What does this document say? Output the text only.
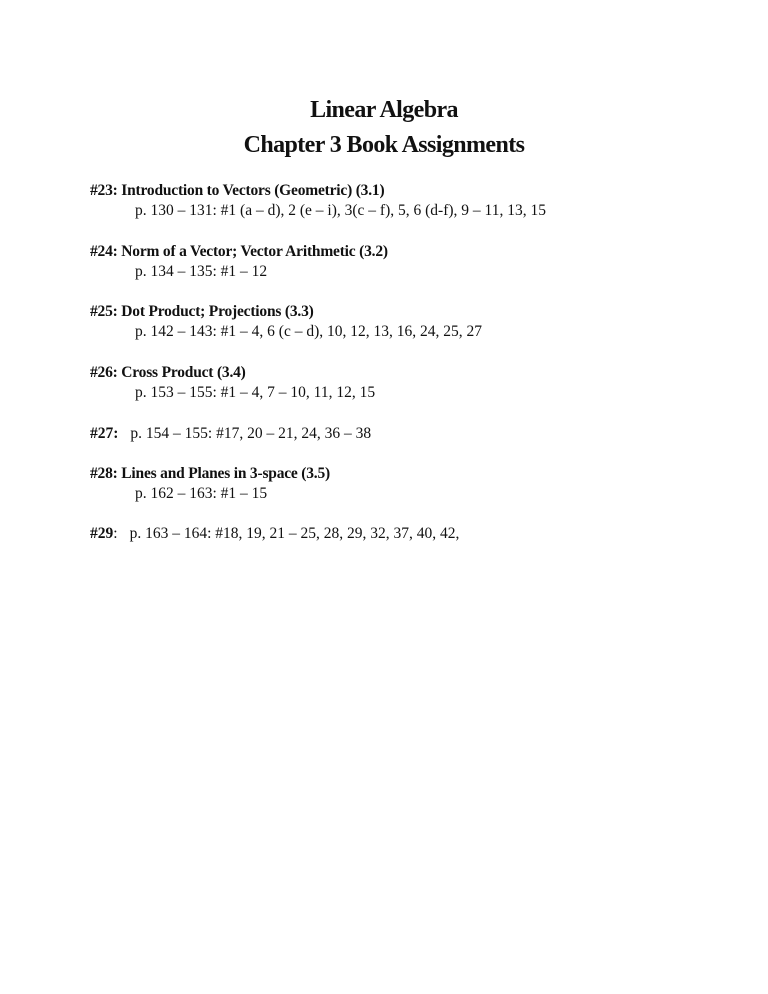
Linear Algebra
Chapter 3 Book Assignments
#23: Introduction to Vectors (Geometric) (3.1)
p. 130 – 131: #1 (a – d), 2 (e – i), 3(c – f), 5, 6 (d-f), 9 – 11, 13, 15
#24: Norm of a Vector; Vector Arithmetic (3.2)
p. 134 – 135: #1 – 12
#25: Dot Product; Projections (3.3)
p. 142 – 143: #1 – 4, 6 (c – d), 10, 12, 13, 16, 24, 25, 27
#26: Cross Product (3.4)
p. 153 – 155: #1 – 4, 7 – 10, 11, 12, 15
#27: p. 154 – 155: #17, 20 – 21, 24, 36 – 38
#28: Lines and Planes in 3-space (3.5)
p. 162 – 163: #1 – 15
#29: p. 163 – 164: #18, 19, 21 – 25, 28, 29, 32, 37, 40, 42,
